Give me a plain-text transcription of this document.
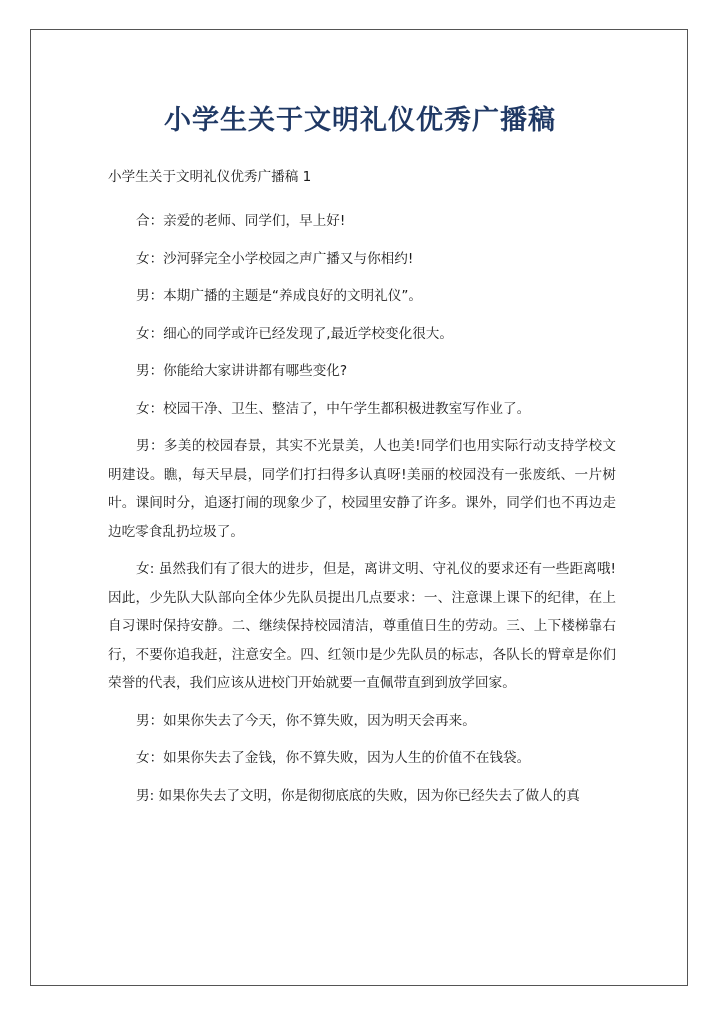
小学生关于文明礼仪优秀广播稿

小学生关于文明礼仪优秀广播稿 1

合：亲爱的老师、同学们，早上好!

女：沙河驿完全小学校园之声广播又与你相约!

男：本期广播的主题是“养成良好的文明礼仪”。

女：细心的同学或许已经发现了,最近学校变化很大。

男：你能给大家讲讲都有哪些变化?

女：校园干净、卫生、整洁了，中午学生都积极进教室写作业了。

男：多美的校园春景，其实不光景美，人也美!同学们也用实际行动支持学校文明建设。瞧，每天早晨，同学们打扫得多认真呀!美丽的校园没有一张废纸、一片树叶。课间时分，追逐打闹的现象少了，校园里安静了许多。课外，同学们也不再边走边吃零食乱扔垃圾了。

女: 虽然我们有了很大的进步，但是，离讲文明、守礼仪的要求还有一些距离哦!因此，少先队大队部向全体少先队员提出几点要求：一、注意课上课下的纪律，在上自习课时保持安静。二、继续保持校园清洁，尊重值日生的劳动。三、上下楼梯靠右行，不要你追我赶，注意安全。四、红领巾是少先队员的标志，各队长的臂章是你们荣誉的代表，我们应该从进校门开始就要一直佩带直到到放学回家。

男：如果你失去了今天，你不算失败，因为明天会再来。

女：如果你失去了金钱，你不算失败，因为人生的价值不在钱袋。

男: 如果你失去了文明，你是彻彻底底的失败，因为你已经失去了做人的真
